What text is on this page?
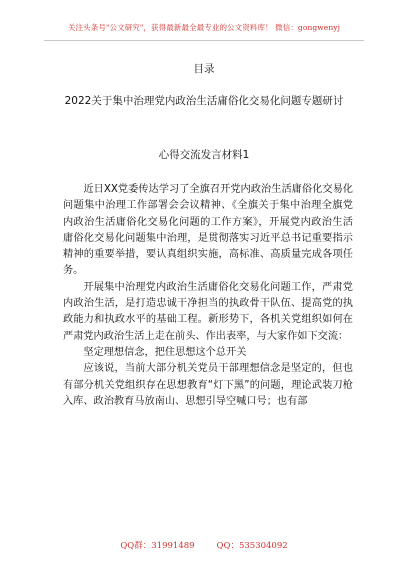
关注头条号"公文研究"，获得最新最全最专业的公文资料库！ 微信：gongwenyj
目录
2022关于集中治理党内政治生活庸俗化交易化问题专题研讨
心得交流发言材料1

近日XX党委传达学习了全旗召开党内政治生活庸俗化交易化问题集中治理工作部署会会议精神、《全旗关于集中治理全旗党内政治生活庸俗化交易化问题的工作方案》，开展党内政治生活庸俗化交易化问题集中治理，是贯彻落实习近平总书记重要指示精神的重要举措，要认真组织实施，高标准、高质量完成各项任务。

开展集中治理党内政治生活庸俗化交易化问题工作，严肃党内政治生活，是打造忠诚干净担当的执政骨干队伍、提高党的执政能力和执政水平的基础工程。新形势下，各机关党组织如何在严肃党内政治生活上走在前头、作出表率，与大家作如下交流：

坚定理想信念，把住思想这个总开关

应该说，当前大部分机关党员干部理想信念是坚定的，但也有部分机关党组织存在思想教育“灯下黑”的问题，理论武装刀枪入库、政治教育马放南山、思想引导空喊口号；也有部

QQ群：31991489	QQ：535304092
